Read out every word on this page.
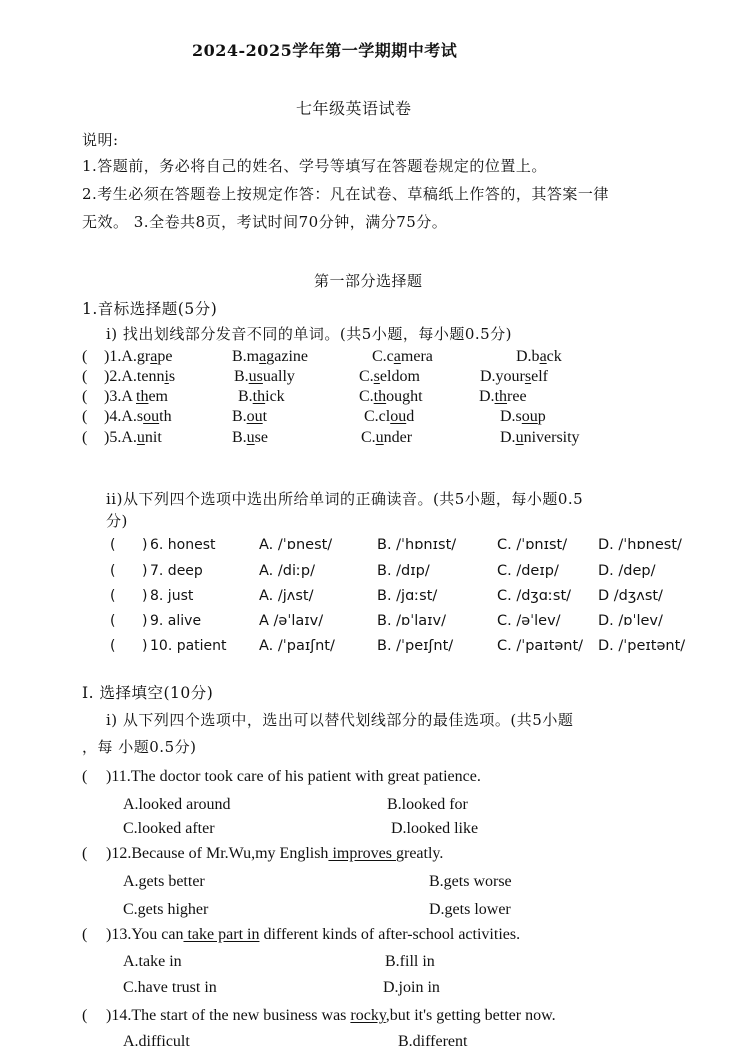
2024-2025学年第一学期期中考试
七年级英语试卷
说明:
1.答题前，务必将自己的姓名、学号等填写在答题卷规定的位置上。
2.考生必须在答题卷上按规定作答：凡在试卷、草稿纸上作答的，其答案一律
无效。 3.全卷共8页，考试时间70分钟，满分75分。
第一部分选择题
1.音标选择题(5分)
i) 找出划线部分发音不同的单词。(共5小题，每小题0.5分)
( )1.A.grape	B.magazine	C.camera	D.back
( )2.A.tennis	B.usually	C.seldom	D.yourself
( )3.A them	B.thick	C.thought	D.three
( )4.A.south	B.out	C.cloud	D.soup
( )5.A.unit	B.use	C.under	D.university
ii)从下列四个选项中选出所给单词的正确读音。(共5小题，每小题0.5
分)
( ) 6. honest	A. /ˈɒnest/	B. /ˈhɒnɪst/	C. /ˈɒnɪst/ D. /ˈhɒnest/
( ) 7. deep	A. /diːp/	B. /dɪp/	C. /deɪp/	D. /dep/
( ) 8. just	A. /jʌst/	B. /jɑːst/	C. /dʒɑːst/ D /dʒʌst/
( ) 9. alive	A /əˈlaɪv/	B. /ɒˈlaɪv/	C. /əˈlev/	D. /ɒˈlev/
( ) 10. patient A. /ˈpaɪʃnt/	B. /ˈpeɪʃnt/	C. /ˈpaɪtənt/ D. /ˈpeɪtənt/
I. 选择填空(10分)
i) 从下列四个选项中，选出可以替代划线部分的最佳选项。(共5小题
，每 小题0.5分)
( )11.The doctor took care of his patient with great patience.
A.looked around	B.looked for
C.looked after	D.looked like
( )12.Because of Mr.Wu,my English improves greatly.
A.gets better	B.gets worse
C.gets higher	D.gets lower
( )13.You can take part in different kinds of after-school activities.
A.take in	B.fill in
C.have trust in	D.join in
( )14.The start of the new business was rocky,but it's getting better now.
A.difficult	B.different
